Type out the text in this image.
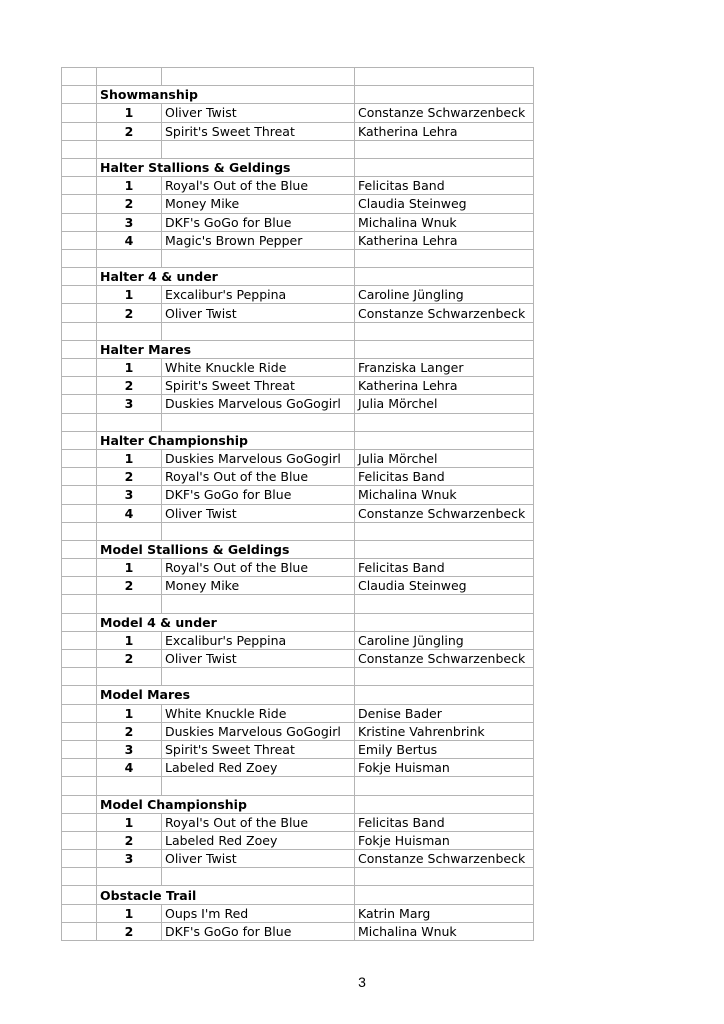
	Showmanship		
	1	Oliver Twist	Constanze Schwarzenbeck
	2	Spirit's Sweet Threat	Katherina Lehra

	Halter Stallions & Geldings		
	1	Royal's Out of the Blue	Felicitas Band
	2	Money Mike	Claudia Steinweg
	3	DKF's GoGo for Blue	Michalina Wnuk
	4	Magic's Brown Pepper	Katherina Lehra

	Halter 4 & under		
	1	Excalibur's Peppina	Caroline Jüngling
	2	Oliver Twist	Constanze Schwarzenbeck

	Halter Mares		
	1	White Knuckle Ride	Franziska Langer
	2	Spirit's Sweet Threat	Katherina Lehra
	3	Duskies Marvelous GoGogirl	Julia Mörchel

	Halter Championship		
	1	Duskies Marvelous GoGogirl	Julia Mörchel
	2	Royal's Out of the Blue	Felicitas Band
	3	DKF's GoGo for Blue	Michalina Wnuk
	4	Oliver Twist	Constanze Schwarzenbeck

	Model Stallions & Geldings		
	1	Royal's Out of the Blue	Felicitas Band
	2	Money Mike	Claudia Steinweg

	Model 4 & under		
	1	Excalibur's Peppina	Caroline Jüngling
	2	Oliver Twist	Constanze Schwarzenbeck

	Model Mares		
	1	White Knuckle Ride	Denise Bader
	2	Duskies Marvelous GoGogirl	Kristine Vahrenbrink
	3	Spirit's Sweet Threat	Emily Bertus
	4	Labeled Red Zoey	Fokje Huisman

	Model Championship		
	1	Royal's Out of the Blue	Felicitas Band
	2	Labeled Red Zoey	Fokje Huisman
	3	Oliver Twist	Constanze Schwarzenbeck

	Obstacle Trail		
	1	Oups I'm Red	Katrin Marg
	2	DKF's GoGo for Blue	Michalina Wnuk
3
